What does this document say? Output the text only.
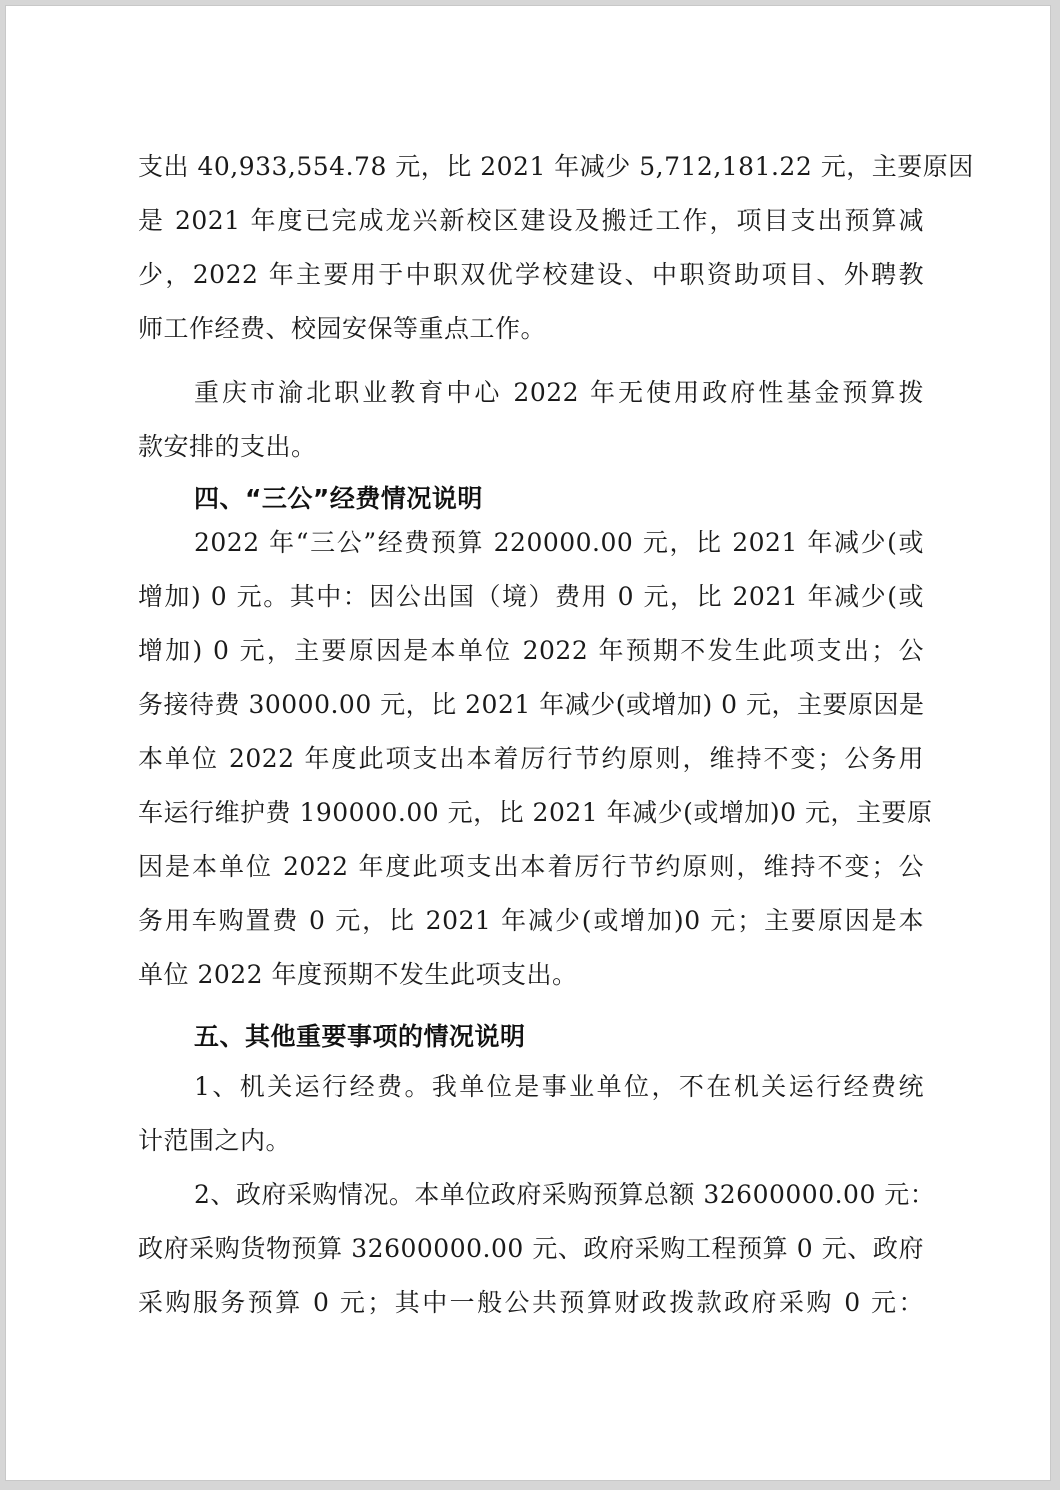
支出 40,933,554.78 元，比 2021 年减少 5,712,181.22 元，主要原因
是 2021 年度已完成龙兴新校区建设及搬迁工作，项目支出预算减
少，2022 年主要用于中职双优学校建设、中职资助项目、外聘教
师工作经费、校园安保等重点工作。
重庆市渝北职业教育中心 2022 年无使用政府性基金预算拨
款安排的支出。
四、“三公”经费情况说明
2022 年“三公”经费预算 220000.00 元，比 2021 年减少(或
增加) 0 元。其中：因公出国（境）费用 0 元，比 2021 年减少(或
增加) 0 元，主要原因是本单位 2022 年预期不发生此项支出；公
务接待费 30000.00 元，比 2021 年减少(或增加) 0 元，主要原因是
本单位 2022 年度此项支出本着厉行节约原则，维持不变；公务用
车运行维护费 190000.00 元，比 2021 年减少(或增加)0 元，主要原
因是本单位 2022 年度此项支出本着厉行节约原则，维持不变；公
务用车购置费 0 元，比 2021 年减少(或增加)0 元；主要原因是本
单位 2022 年度预期不发生此项支出。
五、其他重要事项的情况说明
1、机关运行经费。我单位是事业单位，不在机关运行经费统
计范围之内。
2、政府采购情况。本单位政府采购预算总额 32600000.00 元：
政府采购货物预算 32600000.00 元、政府采购工程预算 0 元、政府
采购服务预算 0 元；其中一般公共预算财政拨款政府采购 0 元：
